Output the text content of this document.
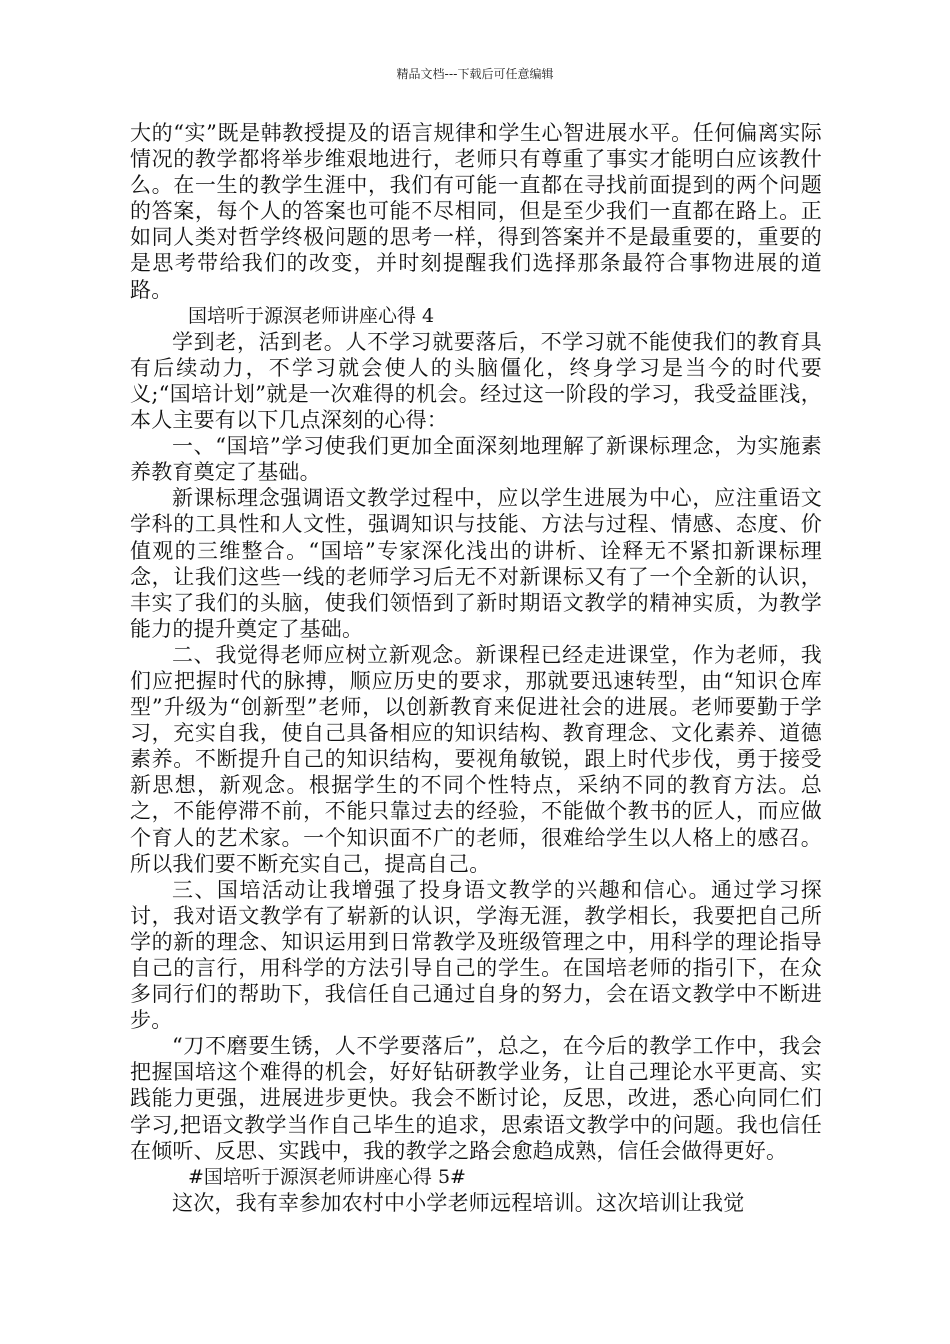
精品文档---下载后可任意编辑

大的“实”既是韩教授提及的语言规律和学生心智进展水平。任何偏离实际情况的教学都将举步维艰地进行，老师只有尊重了事实才能明白应该教什么。在一生的教学生涯中，我们有可能一直都在寻找前面提到的两个问题的答案，每个人的答案也可能不尽相同，但是至少我们一直都在路上。正如同人类对哲学终极问题的思考一样，得到答案并不是最重要的，重要的是思考带给我们的改变，并时刻提醒我们选择那条最符合事物进展的道路。

国培听于源溟老师讲座心得 4

学到老，活到老。人不学习就要落后，不学习就不能使我们的教育具有后续动力，不学习就会使人的头脑僵化，终身学习是当今的时代要义;“国培计划”就是一次难得的机会。经过这一阶段的学习，我受益匪浅，本人主要有以下几点深刻的心得：

一、“国培”学习使我们更加全面深刻地理解了新课标理念，为实施素养教育奠定了基础。

新课标理念强调语文教学过程中，应以学生进展为中心，应注重语文学科的工具性和人文性，强调知识与技能、方法与过程、情感、态度、价值观的三维整合。“国培”专家深化浅出的讲析、诠释无不紧扣新课标理念，让我们这些一线的老师学习后无不对新课标又有了一个全新的认识，丰实了我们的头脑，使我们领悟到了新时期语文教学的精神实质，为教学能力的提升奠定了基础。

二、我觉得老师应树立新观念。新课程已经走进课堂，作为老师，我们应把握时代的脉搏，顺应历史的要求，那就要迅速转型，由“知识仓库型”升级为“创新型”老师，以创新教育来促进社会的进展。老师要勤于学习，充实自我，使自己具备相应的知识结构、教育理念、文化素养、道德素养。不断提升自己的知识结构，要视角敏锐，跟上时代步伐，勇于接受新思想，新观念。根据学生的不同个性特点，采纳不同的教育方法。总之，不能停滞不前，不能只靠过去的经验，不能做个教书的匠人，而应做个育人的艺术家。一个知识面不广的老师，很难给学生以人格上的感召。所以我们要不断充实自己，提高自己。

三、国培活动让我增强了投身语文教学的兴趣和信心。通过学习探讨，我对语文教学有了崭新的认识，学海无涯，教学相长，我要把自己所学的新的理念、知识运用到日常教学及班级管理之中，用科学的理论指导自己的言行，用科学的方法引导自己的学生。在国培老师的指引下，在众多同行们的帮助下，我信任自己通过自身的努力，会在语文教学中不断进步。

“刀不磨要生锈，人不学要落后”，总之，在今后的教学工作中，我会把握国培这个难得的机会，好好钻研教学业务，让自己理论水平更高、实践能力更强，进展进步更快。我会不断讨论，反思，改进，悉心向同仁们学习,把语文教学当作自己毕生的追求，思索语文教学中的问题。我也信任在倾听、反思、实践中，我的教学之路会愈趋成熟，信任会做得更好。

#国培听于源溟老师讲座心得 5#

这次，我有幸参加农村中小学老师远程培训。这次培训让我觉
